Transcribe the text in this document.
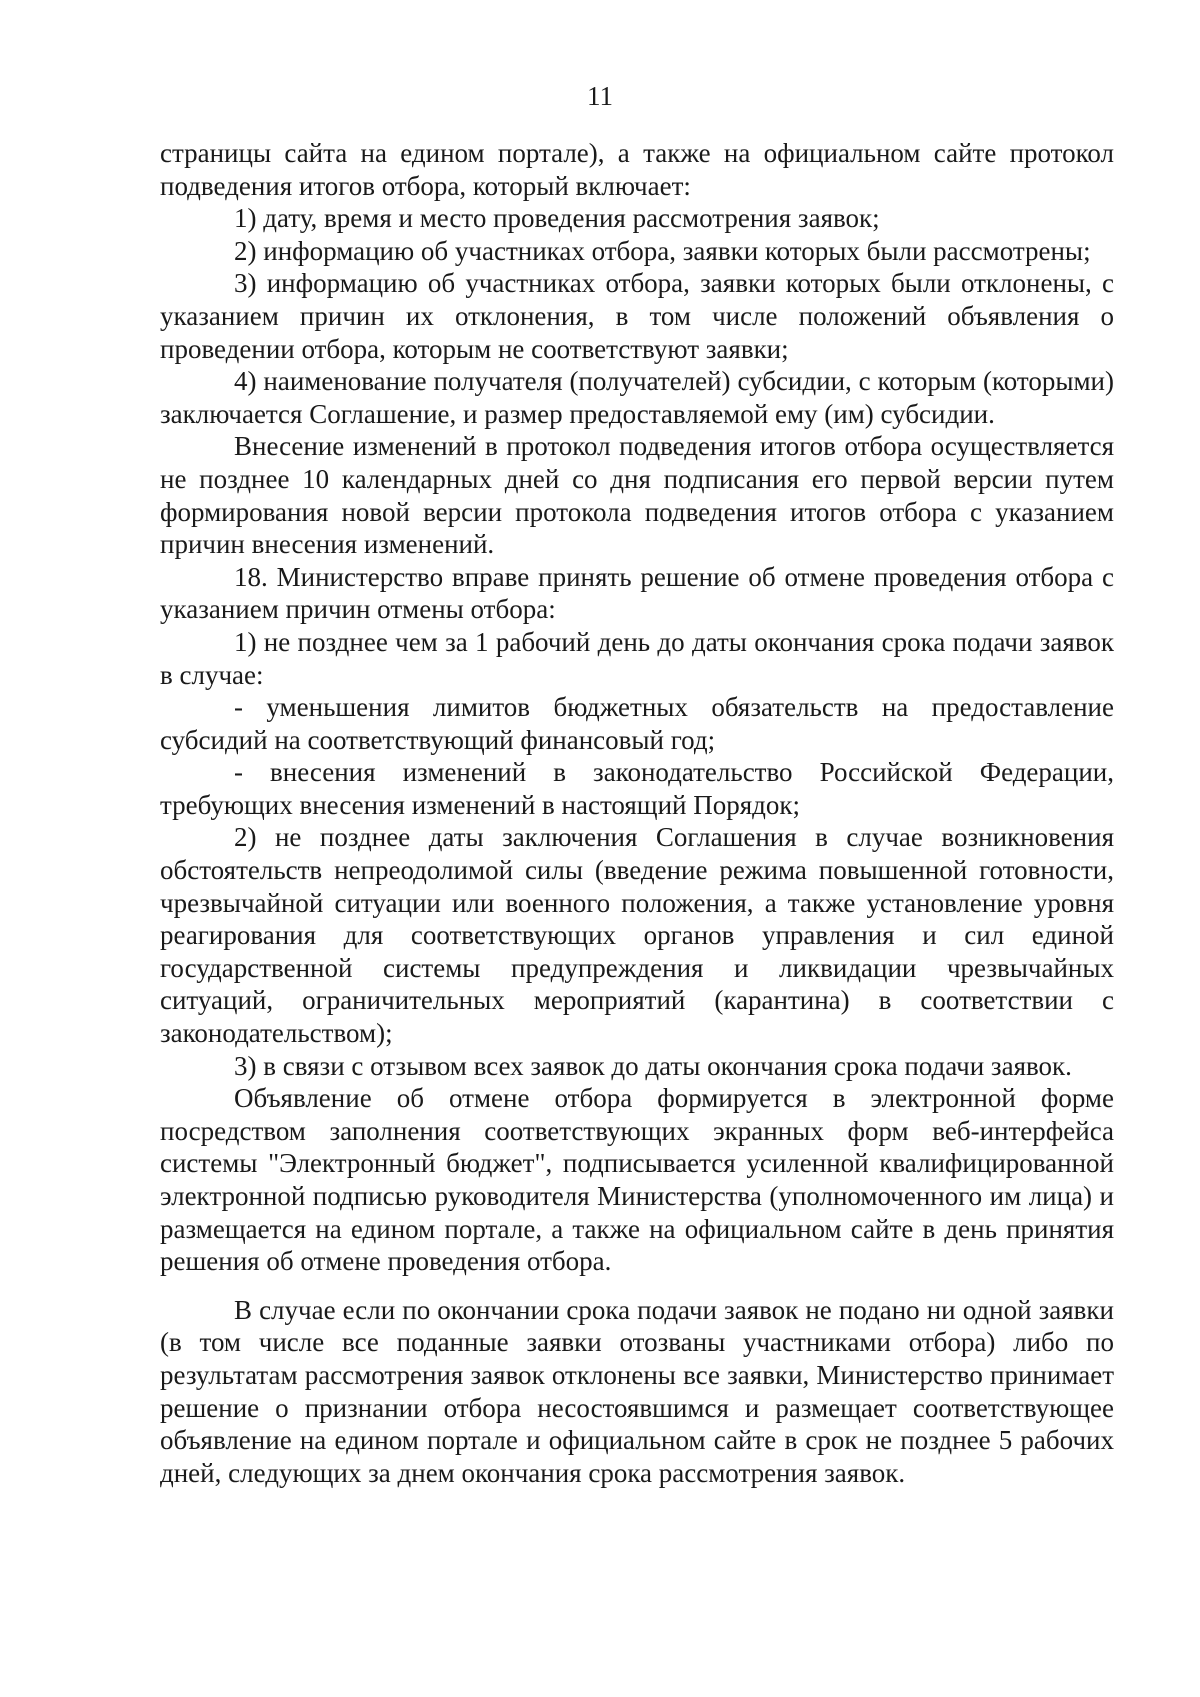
11

страницы сайта на едином портале), а также на официальном сайте протокол подведения итогов отбора, который включает:

1) дату, время и место проведения рассмотрения заявок;

2) информацию об участниках отбора, заявки которых были рассмотрены;

3) информацию об участниках отбора, заявки которых были отклонены, с указанием причин их отклонения, в том числе положений объявления о проведении отбора, которым не соответствуют заявки;

4) наименование получателя (получателей) субсидии, с которым (которыми) заключается Соглашение, и размер предоставляемой ему (им) субсидии.

Внесение изменений в протокол подведения итогов отбора осуществляется не позднее 10 календарных дней со дня подписания его первой версии путем формирования новой версии протокола подведения итогов отбора с указанием причин внесения изменений.

18. Министерство вправе принять решение об отмене проведения отбора с указанием причин отмены отбора:

1) не позднее чем за 1 рабочий день до даты окончания срока подачи заявок в случае:

- уменьшения лимитов бюджетных обязательств на предоставление субсидий на соответствующий финансовый год;

- внесения изменений в законодательство Российской Федерации, требующих внесения изменений в настоящий Порядок;

2) не позднее даты заключения Соглашения в случае возникновения обстоятельств непреодолимой силы (введение режима повышенной готовности, чрезвычайной ситуации или военного положения, а также установление уровня реагирования для соответствующих органов управления и сил единой государственной системы предупреждения и ликвидации чрезвычайных ситуаций, ограничительных мероприятий (карантина) в соответствии с законодательством);

3) в связи с отзывом всех заявок до даты окончания срока подачи заявок.

Объявление об отмене отбора формируется в электронной форме посредством заполнения соответствующих экранных форм веб-интерфейса системы "Электронный бюджет", подписывается усиленной квалифицированной электронной подписью руководителя Министерства (уполномоченного им лица) и размещается на едином портале, а также на официальном сайте в день принятия решения об отмене проведения отбора.

В случае если по окончании срока подачи заявок не подано ни одной заявки (в том числе все поданные заявки отозваны участниками отбора) либо по результатам рассмотрения заявок отклонены все заявки, Министерство принимает решение о признании отбора несостоявшимся и размещает соответствующее объявление на едином портале и официальном сайте в срок не позднее 5 рабочих дней, следующих за днем окончания срока рассмотрения заявок.
